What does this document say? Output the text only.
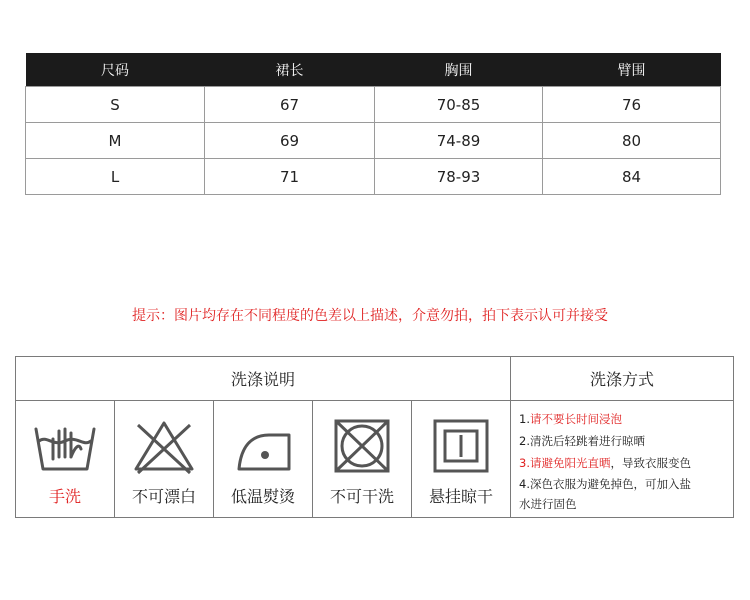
尺码	裙长	胸围	臂围
S	67	70-85	76
M	69	74-89	80
L	71	78-93	84
提示：图片均存在不同程度的色差以上描述，介意勿拍，拍下表示认可并接受
洗涤说明	洗涤方式
手洗	不可漂白	低温熨烫	不可干洗	悬挂晾干

1.请不要长时间浸泡

2.清洗后轻跳着进行晾晒

3.请避免阳光直晒，导致衣服变色

4.深色衣服为避免掉色，可加入盐
水进行固色
